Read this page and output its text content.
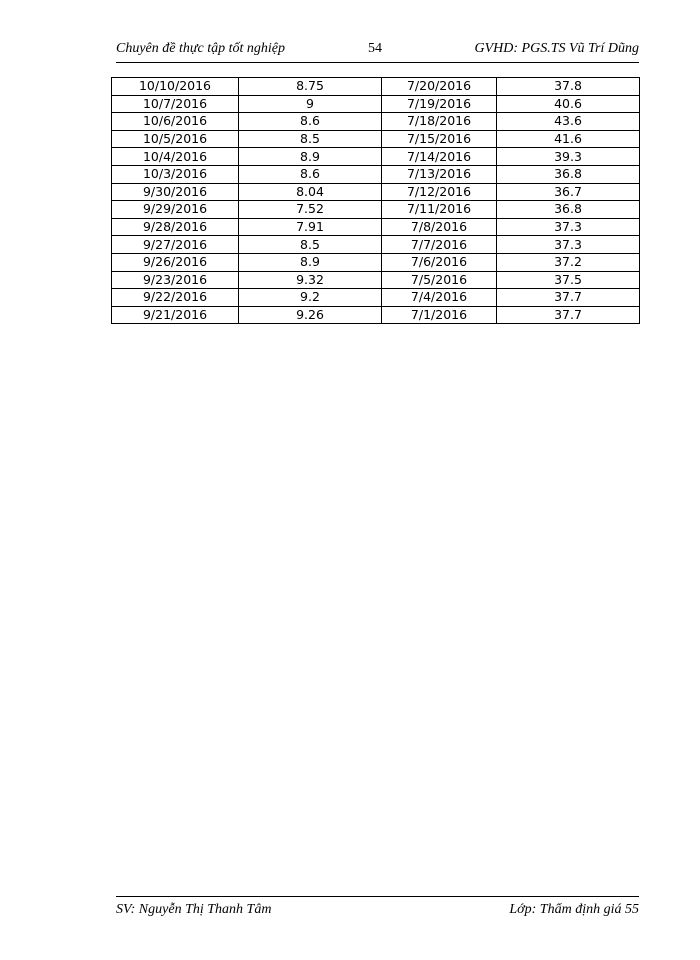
Chuyên đề thực tập tốt nghiệp	54	GVHD: PGS.TS Vũ Trí Dũng
10/10/2016	8.75	7/20/2016	37.8
10/7/2016	9	7/19/2016	40.6
10/6/2016	8.6	7/18/2016	43.6
10/5/2016	8.5	7/15/2016	41.6
10/4/2016	8.9	7/14/2016	39.3
10/3/2016	8.6	7/13/2016	36.8
9/30/2016	8.04	7/12/2016	36.7
9/29/2016	7.52	7/11/2016	36.8
9/28/2016	7.91	7/8/2016	37.3
9/27/2016	8.5	7/7/2016	37.3
9/26/2016	8.9	7/6/2016	37.2
9/23/2016	9.32	7/5/2016	37.5
9/22/2016	9.2	7/4/2016	37.7
9/21/2016	9.26	7/1/2016	37.7
SV: Nguyễn Thị Thanh Tâm	Lớp: Thẩm định giá 55
